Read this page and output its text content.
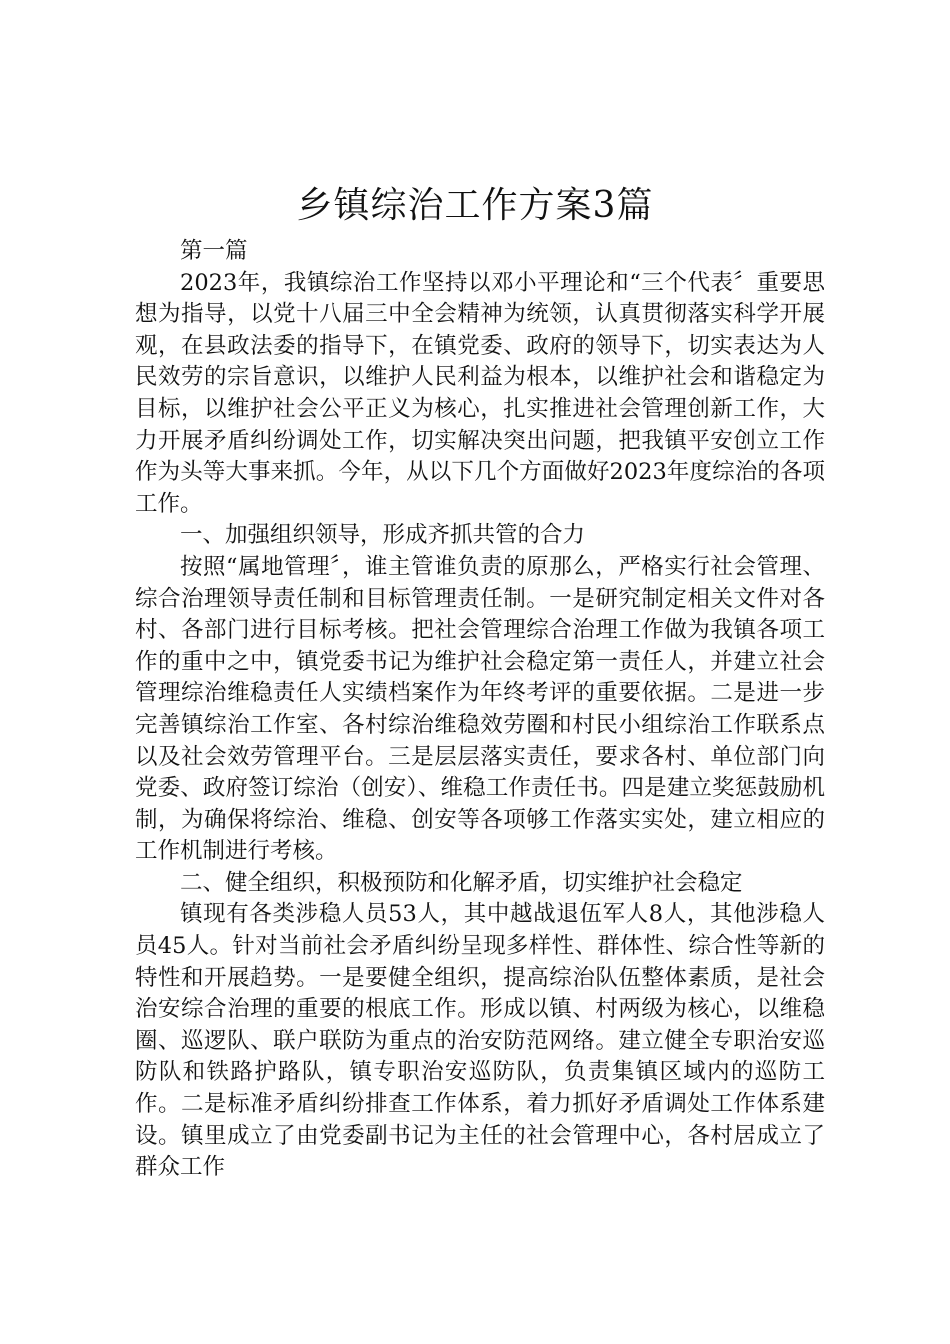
乡镇综治工作方案3篇

第一篇

2023年，我镇综治工作坚持以邓小平理论和“三个代表〞重要思想为指导，以党十八届三中全会精神为统领，认真贯彻落实科学开展观，在县政法委的指导下，在镇党委、政府的领导下，切实表达为人民效劳的宗旨意识，以维护人民利益为根本，以维护社会和谐稳定为目标，以维护社会公平正义为核心，扎实推进社会管理创新工作，大力开展矛盾纠纷调处工作，切实解决突出问题，把我镇平安创立工作作为头等大事来抓。今年，从以下几个方面做好2023年度综治的各项工作。

一、加强组织领导，形成齐抓共管的合力

按照“属地管理〞，谁主管谁负责的原那么，严格实行社会管理、综合治理领导责任制和目标管理责任制。一是研究制定相关文件对各村、各部门进行目标考核。把社会管理综合治理工作做为我镇各项工作的重中之中，镇党委书记为维护社会稳定第一责任人，并建立社会管理综治维稳责任人实绩档案作为年终考评的重要依据。二是进一步完善镇综治工作室、各村综治维稳效劳圈和村民小组综治工作联系点以及社会效劳管理平台。三是层层落实责任，要求各村、单位部门向党委、政府签订综治（创安）、维稳工作责任书。四是建立奖惩鼓励机制，为确保将综治、维稳、创安等各项够工作落实实处，建立相应的工作机制进行考核。

二、健全组织，积极预防和化解矛盾，切实维护社会稳定

镇现有各类涉稳人员53人，其中越战退伍军人8人，其他涉稳人员45人。针对当前社会矛盾纠纷呈现多样性、群体性、综合性等新的特性和开展趋势。一是要健全组织，提高综治队伍整体素质，是社会治安综合治理的重要的根底工作。形成以镇、村两级为核心，以维稳圈、巡逻队、联户联防为重点的治安防范网络。建立健全专职治安巡防队和铁路护路队，镇专职治安巡防队，负责集镇区域内的巡防工作。二是标准矛盾纠纷排查工作体系，着力抓好矛盾调处工作体系建设。镇里成立了由党委副书记为主任的社会管理中心，各村居成立了群众工作
